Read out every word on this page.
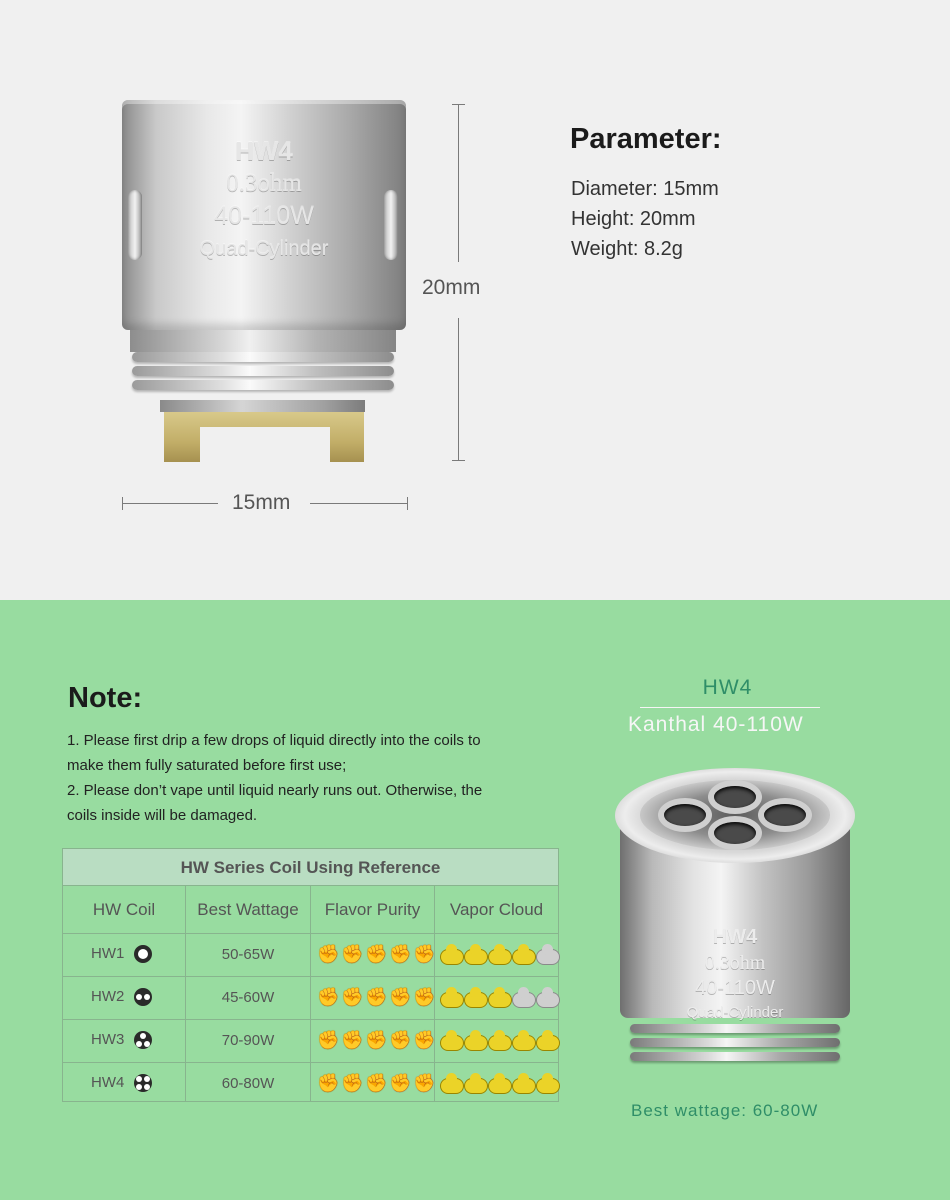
HW4
0.3ohm
40-110W
Quad-Cylinder
20mm
15mm
Parameter:
Diameter: 15mm
Height: 20mm
Weight: 8.2g
Note:
1. Please first drip a few drops of liquid directly into the coils to
make them fully saturated before first use;
2. Please don’t vape until liquid nearly runs out. Otherwise, the
coils inside will be damaged.
HW Series Coil Using Reference
HW Coil	Best Wattage	Flavor Purity	Vapor Cloud
HW1	50-65W	✊ ✊ ✊ ✊ ✊
HW2	45-60W	✊ ✊ ✊ ✊ ✊
HW3	70-90W	✊ ✊ ✊ ✊ ✊
HW4	60-80W	✊ ✊ ✊ ✊ ✊
HW4
Kanthal 40-110W
HW4
0.3ohm
40-110W
Quad-Cylinder
Best wattage: 60-80W
